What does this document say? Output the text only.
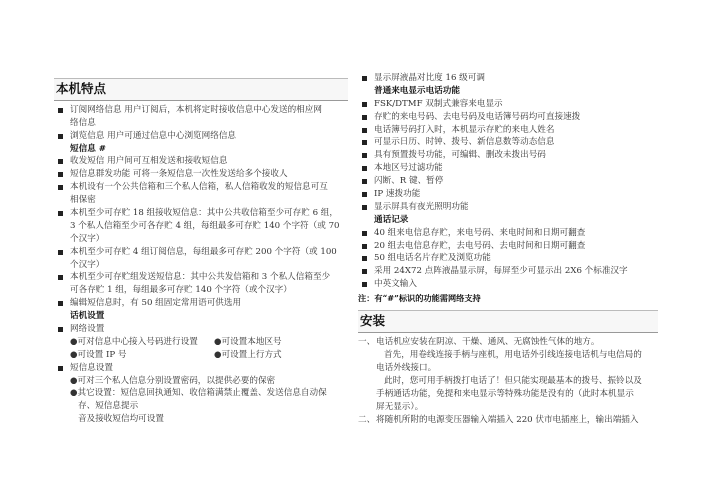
本机特点
订阅网络信息 用户订阅后，本机将定时接收信息中心发送的相应网
络信息
浏览信息 用户可通过信息中心浏览网络信息
短信息 #
收发短信 用户间可互相发送和接收短信息
短信息群发功能 可将一条短信息一次性发送给多个接收人
本机设有一个公共信箱和三个私人信箱，私人信箱收发的短信息可互
相保密
本机至少可存贮 18 组接收短信息：其中公共收信箱至少可存贮 6 组，
3 个私人信箱至少可各存贮 4 组，每组最多可存贮 140 个字符（或 70
个汉字）
本机至少可存贮 4 组订阅信息，每组最多可存贮 200 个字符（或 100
个汉字）
本机至少可存贮组发送短信息：其中公共发信箱和 3 个私人信箱至少
可各存贮 1 组，每组最多可存贮 140 个字符（或个汉字）
编辑短信息时，有 50 组固定常用语可供选用
话机设置
网络设置
●可对信息中心接入号码进行设置 ●可设置本地区号
●可设置 IP 号	●可设置上行方式
短信息设置
●可对三个私人信息分别设置密码，以提供必要的保密
●其它设置：短信息回执通知、收信箱满禁止覆盖、发送信息自动保
存、短信息提示
音及接收短信均可设置
显示屏液晶对比度 16 级可调
普通来电显示电话功能
FSK/DTMF 双制式兼容来电显示
存贮的来电号码、去电号码及电话簿号码均可直接速拨
电话簿号码打入时，本机显示存贮的来电人姓名
可显示日历、时钟、拨号、新信息数等动态信息
具有预置拨号功能，可编辑、删改未拨出号码
本地区号过滤功能
闪断、R 键、暂停
IP 速拨功能
显示屏具有夜光照明功能
通话记录
40 组来电信息存贮，来电号码、来电时间和日期可翻查
20 组去电信息存贮，去电号码、去电时间和日期可翻查
50 组电话名片存贮及浏览功能
采用 24X72 点阵液晶显示屏，每屏至少可显示出 2X6 个标准汉字
中英文输入
注：有“#”标识的功能需网络支持
安装
一、 电话机应安装在阴凉、干燥、通风、无腐蚀性气体的地方。
首先，用卷线连接手柄与座机，用电话外引线连接电话机与电信局的
电话外线接口。
此时，您可用手柄拨打电话了！但只能实现最基本的拨号、振铃以及
手柄通话功能，免提和来电显示等特殊功能是没有的（此时本机显示
屏无显示）。
二、 将随机所附的电源变压器输入端插入 220 伏市电插座上，输出端插入
